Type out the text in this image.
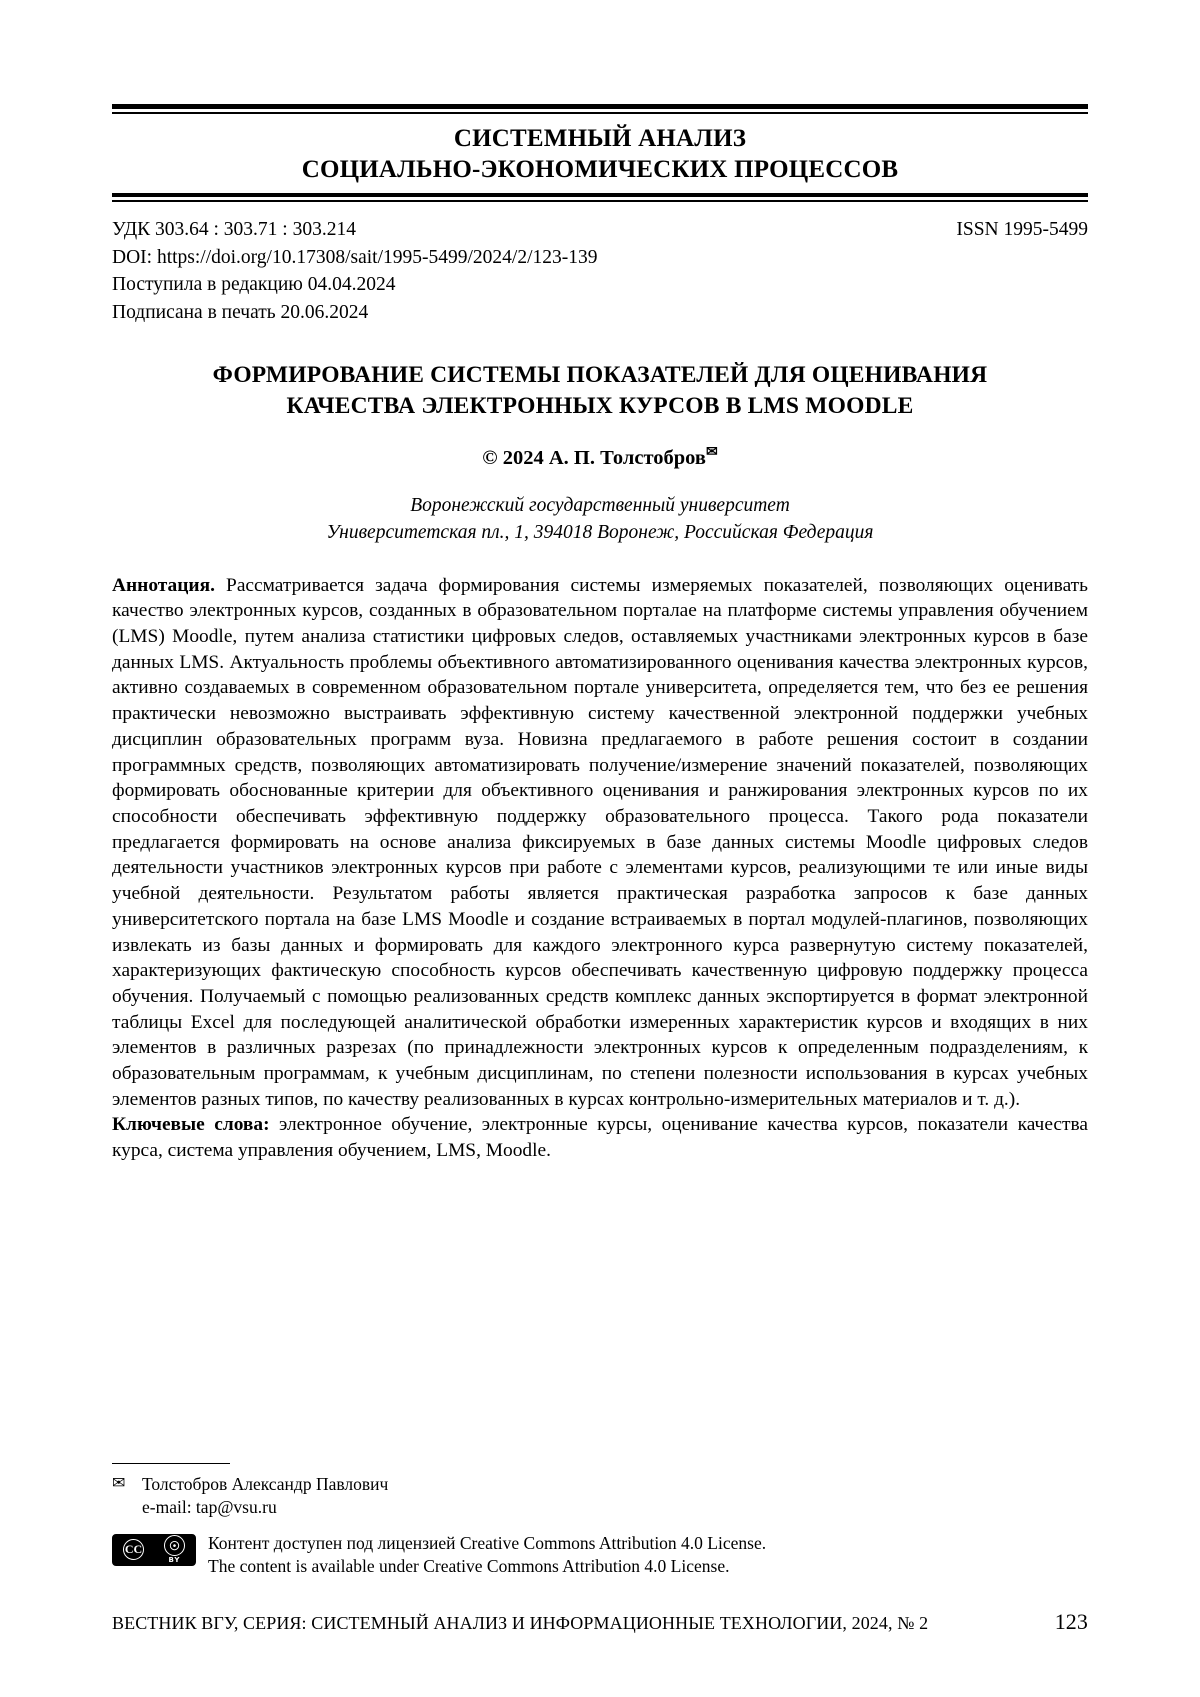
СИСТЕМНЫЙ АНАЛИЗ
СОЦИАЛЬНО-ЭКОНОМИЧЕСКИХ ПРОЦЕССОВ
УДК 303.64 : 303.71 : 303.214	ISSN 1995-5499
DOI: https://doi.org/10.17308/sait/1995-5499/2024/2/123-139
Поступила в редакцию 04.04.2024
Подписана в печать 20.06.2024
ФОРМИРОВАНИЕ СИСТЕМЫ ПОКАЗАТЕЛЕЙ ДЛЯ ОЦЕНИВАНИЯ
КАЧЕСТВА ЭЛЕКТРОННЫХ КУРСОВ В LMS MOODLE
© 2024 А. П. Толстобров✉
Воронежский государственный университет
Университетская пл., 1, 394018 Воронеж, Российская Федерация
Аннотация. Рассматривается задача формирования системы измеряемых показателей, позволяющих оценивать качество электронных курсов, созданных в образовательном порталае на платформе системы управления обучением (LMS) Moodle, путем анализа статистики цифровых следов, оставляемых участниками электронных курсов в базе данных LMS. Актуальность проблемы объективного автоматизированного оценивания качества электронных курсов, активно создаваемых в современном образовательном портале университета, определяется тем, что без ее решения практически невозможно выстраивать эффективную систему качественной электронной поддержки учебных дисциплин образовательных программ вуза. Новизна предлагаемого в работе решения состоит в создании программных средств, позволяющих автоматизировать получение/измерение значений показателей, позволяющих формировать обоснованные критерии для объективного оценивания и ранжирования электронных курсов по их способности обеспечивать эффективную поддержку образовательного процесса. Такого рода показатели предлагается формировать на основе анализа фиксируемых в базе данных системы Moodle цифровых следов деятельности участников электронных курсов при работе с элементами курсов, реализующими те или иные виды учебной деятельности. Результатом работы является практическая разработка запросов к базе данных университетского портала на базе LMS Moodle и создание встраиваемых в портал модулей-плагинов, позволяющих извлекать из базы данных и формировать для каждого электронного курса развернутую систему показателей, характеризующих фактическую способность курсов обеспечивать качественную цифровую поддержку процесса обучения. Получаемый с помощью реализованных средств комплекс данных экспортируется в формат электронной таблицы Excel для последующей аналитической обработки измеренных характеристик курсов и входящих в них элементов в различных разрезах (по принадлежности электронных курсов к определенным подразделениям, к образовательным программам, к учебным дисциплинам, по степени полезности использования в курсах учебных элементов разных типов, по качеству реализованных в курсах контрольно-измерительных материалов и т. д.).
Ключевые слова: электронное обучение, электронные курсы, оценивание качества курсов, показатели качества курса, система управления обучением, LMS, Moodle.
✉ Толстобров Александр Павлович
e-mail: tap@vsu.ru
CC	☉
BY
Контент доступен под лицензией Creative Commons Attribution 4.0 License.
The content is available under Creative Commons Attribution 4.0 License.
ВЕСТНИК ВГУ, СЕРИЯ: СИСТЕМНЫЙ АНАЛИЗ И ИНФОРМАЦИОННЫЕ ТЕХНОЛОГИИ, 2024, № 2	123
